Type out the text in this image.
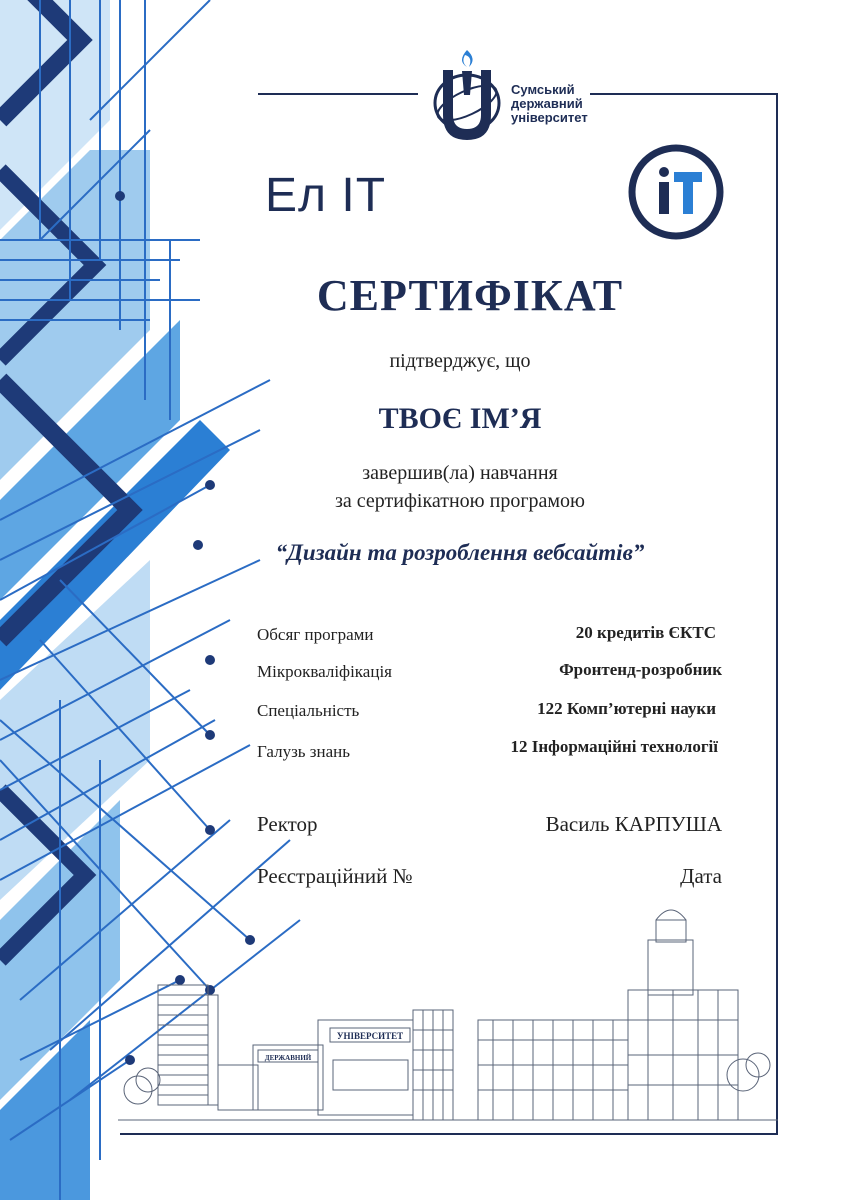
Сумський
державний
університет
Ел ІТ
СЕРТИФІКАТ
підтверджує, що
ТВОЄ ІМ’Я
завершив(ла) навчання
за сертифікатною програмою
“Дизайн та розроблення вебсайтів”
Обсяг програми	20 кредитів ЄКТС
Мікрокваліфікація	Фронтенд-розробник
Спеціальність	122 Комп’ютерні науки
Галузь знань	12 Інформаційні технології
Ректор	Василь КАРПУША
Реєстраційний №	Дата
УНІВЕРСИТЕТ
ДЕРЖАВНИЙ
